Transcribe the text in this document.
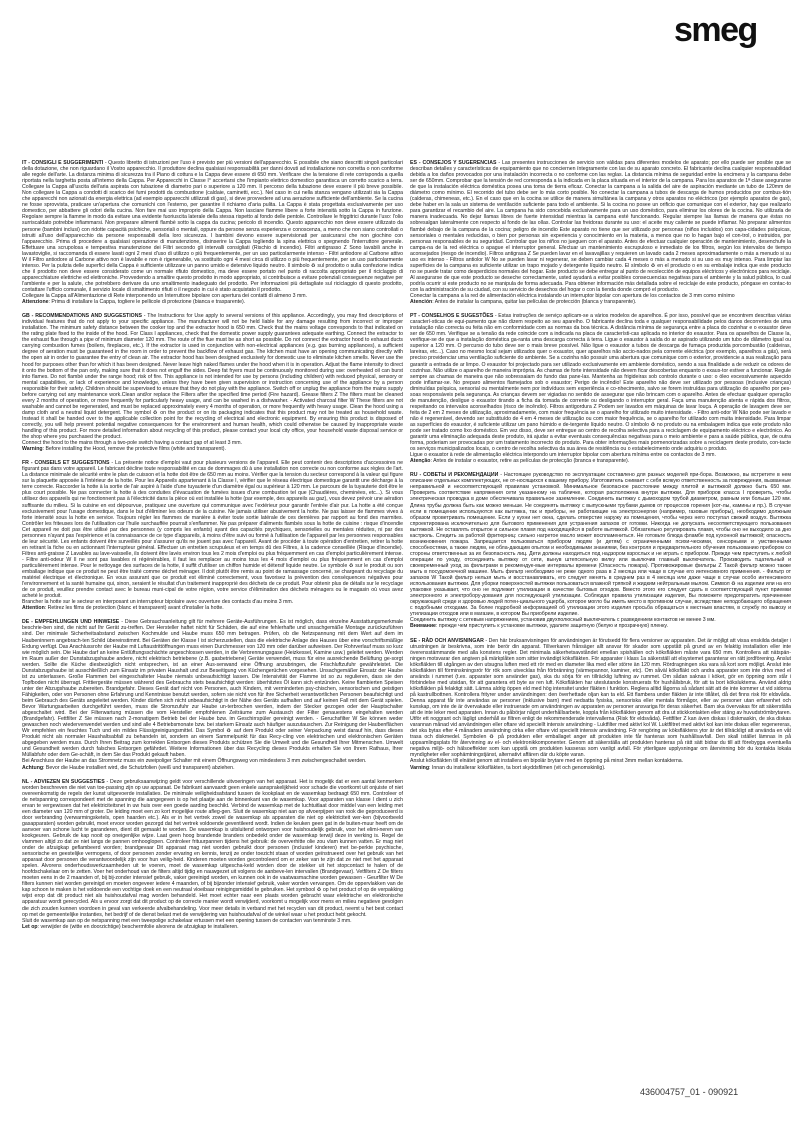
smeg
IT - CONSIGLI E SUGGERIMENTI - Questo libretto di istruzioni per l'uso è previsto per più versioni dell'apparecchio. È possibile che siano descritti singoli particolari della dotazione, che non riguardano il Vostro apparecchio. Il produttore declina qualsiasi responsabilità per danni dovuti ad installazione non corretta o non conforme alle regole dell'arte. La distanza minima di sicurezza tra il Piano di cottura e la Cappa deve essere di 650 mm. Verificare che la tensione di rete corrisponda a quella riportata nella targhetta posta all'interno della Cappa. Per Apparecchi in Classe I° accertarsi che l'impianto elettrico domestico garantisca un corretto scarico a terra. Collegare la Cappa all'uscita dell'aria aspirata con tubazione di diametro pari o superiore a 120 mm. Il percorso della tubazione deve essere il più breve possibile. Non collegare la Cappa a condotti di scarico dei fumi prodotti da combustione (caldaie, caminetti, ecc.). Nel caso in cui nella stanza vengano utilizzati sia la Cappa che apparecchi non azionati da energia elettrica (ad esempio apparecchi utilizzati di gas), si deve provvedere ad una aerazione sufficiente dell'ambiente. Se la cucina ne fosse sprovvista, praticare un'apertura che comunichi con l'esterno, per garantire il richiamo d'aria pulita. La Cappa è stata progettata esclusivamente per uso domestico, per abbattere gli odori della cucina. Non fare mai uso improprio della Cappa. Non lasciare fiamme libere a forte intensità sotto la Cappa in funzione. Regolare sempre la fiamme in modo da evitare una evidente fuoriuscita laterale della stessa rispetto al fondo delle pentole. Controllare le friggitrici durante l'uso: l'olio surriscaldato potrebbe infiammarsi. Non preparare alimenti flambè sotto la cappa da cucina; pericolo di incendio. Questo apparecchio non deve essere utilizzato da persone (bambini inclusi) con ridotte capacità psichiche, sensoriali o mentali, oppure da persone senza esperienza e conoscenza, a meno che non siano controllati o istruiti all'uso dell'apparecchio da persone responsabili della loro sicurezza. I bambini devono essere supervisionati per assicurarsi che non giochino con l'apparecchio. Prima di procedere a qualsiasi operazione di manutenzione, disinserire la Cappa togliendo la spina elettrica o spegnendo l'interruttore generale. Effettuare una scrupolosa e tempestiva manutenzione dei Filtri secondo gli intervalli consigliati (Rischio di incendio). Filtri antigrasso Z Sono lavabili anche in lavastoviglie, si raccomanda di essere lavati ogni 2 mesi d'uso di utilizzo o più frequentemente, per un uso particolarmente intenso - Filtri antiodore al Carbone attivo W il Filtro antiodore al Carbone attivo non è lavabile e non è rigenerabile, va sostituito ogni 4 mesi circa di utilizzo o più frequentemente, per un uso particolarmente intenso. Per la pulizia delle superfici della Cappa è sufficiente utilizzare un panno umido e detersivo liquido neutro. Il simbolo ♻ sul prodotto o sulla confezione indica che il prodotto non deve essere considerato come un normale rifiuto domestico, ma deve essere portato nel punto di raccolta appropriato per il riciclaggio di apparecchiature elettriche ed elettroniche. Provvedendo a smaltire questo prodotto in modo appropriato, si contribuisce a evitare potenziali conseguenze negative per l'ambiente e per la salute, che potrebbero derivare da uno smaltimento inadeguato del prodotto. Per informazioni più dettagliate sul riciclaggio di questo prodotto, contattare l'ufficio comunale, il servizio locale di smaltimento rifiuti o il negozio in cui è stato acquistato il prodotto.
Collegare la Cappa all'Alimentazione di Rete interponendo un Interruttore bipolare con apertura dei contatti di almeno 3 mm.
Attenzione: Prima di installare la Cappa, togliere le pellicole di protezione (bianca e trasparente).
GB - RECOMMENDATIONS AND SUGGESTIONS - The Instructions for Use apply to several versions of this appliance. Accordingly, you may find descriptions of individual features that do not apply to your specific appliance. The manufacturer will not be held liable for any damage resulting from incorrect or improper installation. The minimum safety distance between the cooker top and the extractor hood is 650 mm. Check that the mains voltage corresponds to that indicated on the rating plate fixed to the inside of the hood. For Class I appliances, check that the domestic power supply guarantees adequate earthing. Connect the extractor to the exhaust flue through a pipe of minimum diameter 120 mm. The route of the flue must be as short as possible. Do not connect the extractor hood to exhaust ducts carrying combustion fumes (boilers, fireplaces, etc.). If the extractor is used in conjunction with non-electrical appliances (e.g. gas burning appliances), a sufficient degree of aeration must be guaranteed in the room in order to prevent the backflow of exhaust gas. The kitchen must have an opening communicating directly with the open air in order to guarantee the entry of clean air. The extractor hood has been designed exclusively for domestic use to eliminate kitchen smells. Never use the hood for purposes other than for which it has been designed. Never leave high naked flames under the hood when it is in operation. Adjust the flame intensity to direct it onto the bottom of the pan only, making sure that it does not engulf the sides. Deep fat fryers must be continuously monitored during use: overheated oil can burst into flames. Do not flambè under the range hood; risk of fire. This appliance is not intended for use by persons (including children) with reduced physical, sensory or mental capabilities, or lack of experience and knowledge, unless they have been given supervision or instruction concerning use of the appliance by a person responsible for their safety. Children should be supervised to ensure that they do not play with the appliance. Switch off or unplug the appliance from the mains supply before carrying out any maintenance work.Clean and/or replace the Filters after the specified time period (Fire hazard). Grease filters Z The filters must be cleaned every 2 months of operation, or more frequently for particularly heavy usage, and can be washed in a dishwasher. - Activated charcoal filter W These filters are not washable and cannot be regenerated, and must be replaced approximately every 4 months of operation, or more frequently with heavy usage. Clean the hood using a damp cloth and a neutral liquid detergent. The symbol ♻ on the product or on its packaging indicates that this product may not be treated as household waste. Instead it shall be handed over to the applicable collection point for the recycling of electrical and electronic equipment. By ensuring this product is disposed of correctly, you will help prevent potential negative consequences for the environment and human health, which could otherwise be caused by inappropriate waste handling of this product. For more detailed information about recycling of this product, please contact your local city office, your household waste disposal service or the shop where you purchased the product.
Connect the hood to the mains through a two-pole switch having a contact gap of at least 3 mm.
Warning: Before installing the Hood, remove the protective films (white and transparent).
FR - CONSEILS ET SUGGESTIONS - La présente notice d'emploi vaut pour plusieurs versions de l'appareil. Elle peut contenir des descriptions d'accessoires ne figurant pas dans votre appareil. Le fabricant décline toute responsabilité en cas de dommages dû à une installation non correcte ou non conforme aux règles de l'art. La distance minimale de sécurité entre le plan de cuisson et la hotte doit être de 650 mm au moins. Vérifier que la tension du secteur correspond à la valeur qui figure sur la plaquette apposée à l'intérieur de la hotte. Pour les Appareils appartenant à la Classe I, vérifier que le réseau électrique domestique garantit une décharge à la terre correcte. Raccorder la hotte à la sortie de l'air aspiré à l'aide d'une tuyauterie d'un diamètre égal ou supérieur à 120 mm. Le parcours de la tuyauterie doit être le plus court possible. Ne pas connecter la hotte à des conduites d'évacuation de fumées issues d'une combustion tel que (Chaudières, cheminées, etc...). Si vous utilisez des appareils qui ne fonctionnent pas à l'électricité dans la pièce où est installée la hotte (par exemple, des appareils au gaz), vous devez prévoir une aération suffisante du milieu. Si la cuisine en est dépourvue, pratiquez une ouverture qui communique avec l'extérieur pour garantir l'entrée d'air pur. La hotte a été conçue exclusivement pour l'usage domestique, dans le but d'éliminer les odeurs de la cuisine. Ne jamais utiliser abusivement la hotte. Ne pas laisser de flammes vives à forte intensité sous la hotte en service. Toujours régler les flammes de manière à éviter toute sortie latérale de ces dernières par rapport au fond des marmites. Contrôler les friteuses lors de l'utilisation car l'huile surchauffée pourrait s'enflammer. Ne pas préparer d'aliments flambés sous la hotte de cuisine : risque d'incendie Cet appareil ne doit pas être utilisé par des personnes (y compris les enfants) ayant des capacités psychiques, sensorielles ou mentales réduites, ni par des personnes n'ayant pas l'expérience et la connaissance de ce type d'appareils, à moins d'être suivi ou formé à l'utilisation de l'appareil par les personnes responsables de leur sécurité. Les enfants doivent être surveillés pour s'assurer qu'ils ne jouent pas avec l'appareil. Avant de procéder à toute opération d'entretien, retirer la hotte en retirant la fiche ou en actionnant l'interrupteur général. Effectuer un entretien scrupuleux et en temps dû des Filtres, à la cadence conseillée (Risque d'incendie). Filtres anti-graisse Z Lavables au lave-vaisselle, ils doivent être lavés environ tous les 2 mois d'emploi ou plus fréquemment en cas d'emploi particulièrement intense. - Filtre anti-odeur W Il ne sont pas lavables ni régénérables, il faut les remplacer au moins tous les 4 mois d'emploi ou plus fréquemment en cas d'emploi particulièrement intense. Pour le nettoyage des surfaces de la hotte, il suffit d'utiliser un chiffon humide et détersif liquide neutre. Le symbole ♻ sur le produit ou son emballage indique que ce produit ne peut être traité comme déchet ménager. Il doit plutôt être remis au point de ramassage concerné, se chargeant du recyclage du matériel électrique et électronique. En vous assurant que ce produit est éliminé correctement, vous favorisez la prévention des conséquences négatives pour l'environnement et la santé humaine qui, sinon, seraient le résultat d'un traitement inapproprié des déchets de ce produit. Pour obtenir plus de détails sur le recyclage de ce produit, veuillez prendre contact avec le bureau muni-cipal de votre région, votre service d'élimination des déchets ménagers ou le magasin où vous avez acheté le produit.
Brancher la hotte sur le secteur en interposant un interrupteur bipolaire avec ouverture des contacts d'au moins 3 mm.
Attention: Retirez les films de protection (blanc et transparent) avant d'installer la hotte.
DE - EMPFEHLUNGEN UND HINWEISE - Diese Gebrauchsanleitung gilt für mehrere Geräte-Ausführungen. Es ist möglich, dass einzelne Ausstattungsmerkmale beschrie-ben sind, die nicht auf Ihr Gerät zu-treffen. Der Hersteller haftet nicht für Schäden, die auf eine fehlerhafte und unsachgemäße Montage zurückzuführen sind. Der minimale Sicherheitsabstand zwischen Kochmulde und Haube muss 650 mm betragen. Prüfen, ob die Netzspannung mit dem Wert auf dem im Haubeninnern angebrach-ten Schild übereinstimmt. Bei Geräten der Klasse I ist sicherzustellen, dass die elektrische Anlage des Hauses über eine vorschriftsmäßige Erdung verfügt. Das Anschlussrohr der Haube mit Luftaustrittöffnungen muss einen Durchmesser von 120 mm oder darüber aufweisen. Der Rohrverlauf muss so kurz wie möglich sein. Die Haube darf an keine Entlüftungsschächte angeschlossen werden, in die Verbrennungsgase (Heizkessel, Kamine usw.) geleitet werden. Werden im Raum außer der Dunstabzugshaube andere, nicht elektrisch betriebene (z.B. gasbetriebene) Geräte verwendet, muss für eine ausreichende Belüftung ge-sorgt werden. Sollte die Küche diesbezüglich nicht entsprechen, ist an einer Aus-senwand eine Öffnung anzubringen, die Frischluftzufuhr gewährleistet. Die Dunstabzugshaube ist ausschließlich zum Einsatz im privaten Haushalt und zur Beseitigung von Küchengerüchen vorgesehen. Unsachgemäßer Einsatz der Haube ist zu unterlassen. Große Flammen bei eingeschalteter Haube niemals unbeaufsichtigt lassen. Die Intensivität der Flamme ist so zu regulieren, dass sie den Topfboden nicht überragt. Frittiergeräte müssen während des Gebrauchs stets beaufsichtigt werden: überhitztes Öl kann sich entzünden. Keine flambierten Speisen unter der Abzugshaube zubereiten. Brandgefahr. Dieses Gerät darf nicht von Personen, auch Kindern, mit verminderten psy-chischen, sensorischen und geistigen Fähigkeiten, oder von Personen ohne Erfahrung und Kenntnisse benutzt werden, sofern sie nicht von für ihre Sicherheit verantwortlichen Personen beaufsichtigt und beim Gebrauch des Geräts angeleitet werden. Kinder dürfen sich nicht unbeaufsichtigt in der Nähe des Geräts aufhalten und auf keinen Fall mit dem Gerät spielen. Bevor Wartungsarbeiten durchgeführt werden, muss die Stromzufuhr zur Haube un-terbrochen werden, indem der Stecker gezogen oder der Hauptschalter abgeschaltet wird. Bei der Filterwartung müssen die vom Hersteller empfohlenen Zeiträume zum Austausch der Filter genauestens eingehalten werden (Brandgefahr). Fettfilter Z Sie müssen nach 2-monatigem Betrieb bei der Haube bzw. im Geschirrspüler gereinigt werden. - Geruchsfilter W Sie können weder gewaschen noch wiederverwendet werden und sind alle 4 Betriebsmonate bzw. bei starkem Einsatz auch häufiger auszutauschen. Zur Reinigung der Haubenflächen Wir empfehlen ein feuchtes Tuch und ein mildes Flüssigreinigungsmittel. Das Symbol ♻ auf dem Produkt oder seiner Verpackung weist darauf hin, dass dieses Produkt nicht als normaler Haushaltsabfall zu behandeln ist, sondern an einem Sammelpunkt für das Recy-cling von elektrischen und elektronischen Geräten abgegeben werden muss. Durch Ihren Beitrag zum korrekten Entsorgen dieses Produkts schützen Sie die Umwelt und die Gesundheit Ihrer Mitmenschen. Umwelt und Gesundheit werden durch falsches Entsorgen gefährdet. Weitere Informationen über das Recycling dieses Produkts erhalten Sie von Ihrem Rathaus, Ihrer Müllabfuhr oder dem Ge-schäft, in dem Sie das Produkt gekauft haben.
Bei Anschluss der Haube an das Stromnetz muss ein zweipoliger Schalter mit einem Öffnungsweg von mindestens 3 mm zwischengeschaltet werden.
Achtung: Bevor die Haube installiert wird, die Schutzfolien (weiß und transparent) abziehen.
NL - ADVIEZEN EN SUGGESTIES - Deze gebruiksaanwijzing geldt voor verschillende uitvoeringen van het apparaat. Het is mogelijk dat er een aantal kenmerken worden beschreven die niet van toe-passing zijn op uw apparaat. De fabrikant aanvaardt geen enkele aansprakelijkheid voor schade die voortkomt uit onjuiste of niet overeenkomstig de regels der kunst uitgevoerde installaties. De minimale veiligheidsafstand tussen de kookplaat en de wasemkap bedraagt 650 mm. Controleer of de netspanning correspondeert met de spanning die aangegeven is op het plaatje aan de binnenkant van de wasemkap. Voor apparaten van klasse I dient u zich ervan te vergewissen dat het elektriciteitsnet in uw huis over een goede aarding beschikt. Verbind de wasemkap met de luchtuitlaat door middel van een leiding met een diameter van 120 mm of groter. De leiding moet een zo kort mogelijke route afleg-gen. Sluit de wasemkap niet aan op afvoerpijpen van rook die geproduceerd is door verbranding (verwarmingsketels, open haarden etc.). Als er in het vertrek zowel de wasemkap als apparaten die niet op elektriciteit wer-ken (bijvoorbeeld gasapparaten) worden gebruikt, moet ervoor worden gezorgd dat het vertrek voldoende geventileerd wordt. Indien de keuken geen gat in de buiten-muur heeft om de aanvoer van schone lucht te garanderen, dient dit gemaakt te worden. De wasemkap is uitsluitend ontworpen voor huishoudelijk gebruik, voor het elimi-neren van kookgeuren. Gebruik de kap nooit op oneigenlijke wijze. Laat geen hoog brandende branders onbedekt onder de wasemkap terwijl deze in werking is. Regel de vlammen altijd zo dat ze niet langs de pannen omhooglopen. Controleer frituurpannen tijdens het gebruik: de oververhitte olie zou vlam kunnen vatten. Er mag niet onder de afzuigkap geflambeerd worden; brandgevaar Dit apparaat mag niet worden gebruikt door personen (inclusief kinderen) met be-perkte psychische, sensorische en geestelijke vermogens, of door personen zonder ervaring en kennis, tenzij ze onder toezicht staan of worden geïnstrueerd over het gebruik van het apparaat door personen die verantwoordelijk zijn voor hun veilig-heid. Kinderen moeten worden gecontroleerd om er zeker van te zijn dat ze niet met het apparaat spelen. Alvorens onderhoudswerkzaamheden uit te voeren, moet de wasemkap uitgescha-keld worden door de stekker uit het stopcontact te halen of de hoofdschakelaar om te zetten. Voer het onderhoud van de filters altijd tijdig en nauwgezet uit volgens de aanbeve-len intervallen (Brandgevaar). Vetfilters Z De filters moeten eens in de 2 maanden of, bij bij-zonder intensief gebruik, vaker gereinigd worden, en kunnen ook in de vaatwasmachine worden gewassen - Geurfilter W De filters kunnen niet worden gereinigd en moeten ongeveer iedere 4 maanden, of bij bijzonder intensief gebruik, vaker worden vervangen. Om de oppervlakken van de kap schoon te maken is het voldoende een vochtige doek en een neutraal vloeibaar reinigingsmiddel te gebruiken. Het symbool ♻ op het product of op de verpakking wijst erop dat dit product niet als huishoudafval mag worden behandeld. Het moet echter naar een plaats worden gebracht waar elektrische en elektronische apparatuur wordt gerecycled. Als u ervoor zorgt dat dit product op de correcte manier wordt verwijderd, voorkomt u mogelijk voor mens en milieu negatieve gevolgen die zich zouden kunnen voordoen in geval van verkeerde afvalbehandeling. Voor meer details in verband met het recyclen van dit product, neemt u het best contact op met de gemeentelijke instanties, het bedrijf of de dienst belast met de verwijdering van huishoudafval of de winkel waar u het product hebt gekocht.
Sluit de wasemkap aan op de netspanning met een tweepolige schakelaar ertussen met een opening tussen de contacten van tenminste 3 mm.
Let op: verwijder de (witte en doorzichtige) beschermfolie alvorens de afzuigkap te installeren.
ES - CONSEJOS Y SUGERENCIAS - Las presentes instrucciones de servicio son válidas para diferentes modelos de aparato; por ello puede ser posible que se describan detalles y características de equipamiento que no conciernen íntegramente con las de su aparato concreto. El fabricante declina cualquier responsabilidad debida a los daños provocados por una instalación incorrecta o no conforme con las reglas. La distancia mínima de seguridad entre la encimera y la campana debe ser de 650mm. Comprobar que la tensión de red corresponda a la indicada en la placa situada en el interior de la campana. Para los aparatos de 1ª clase asegurarse de que la instalación eléctrica doméstica posea una toma de tierra eficaz. Conectar la campana a la salida del aire de aspiración mediante un tubo de 120mm de diámetro como mínimo. El recorrido del tubo debe ser lo más corto posible. No conectar la campana a tubos de descarga de humos producidos por combus-tión (calderas, chimeneas, etc.). En el caso que en la cocina se utilice de manera simultánea la campana y otros aparatos no eléctricos (por ejemplo aparatos de gas), debe haber en la sala un sistema de ventilación suficiente para todo el ambiente. Si la cocina no posee un orificio que comunique con el exterior, hay que realizarlo para garantizar el recambio del aire. La campana ha sido concebida exclusivamente para un uso doméstico, para eliminar los olores de la cocina. No utilizarla de manera inadecuada. No dejar llamas libres de fuerte intensidad mientras la campana esté funcionando. Regular siempre las llamas de manera que éstas no sobresalgan lateralmente con respecto al fondo de las ollas. Controlar las freidoras durante su uso: el aceite muy caliente se puede inflamar. No preparar alimentos flambé debajo de la campana de la cocina; peligro de incendio Este aparato no tiene que ser utilizado por personas (niños incluidos) con capa-cidades psíquicas, sensoriales o mentales reducidas, o bien por personas sin experiencia y conocimiento en la materia, a menos que no lo hagan bajo el con-trol, o instruidos, por personas responsables de su seguridad. Controlar que los niños no jueguen con el aparato. Antes de efectuar cualquier operación de mantenimiento, desenchufe la campa-na de la red eléctrica o apague el interruptor general. Efectuar un mantenimiento escrupuloso e inmediato de los filtros, según los intervalos de tiempo aconsejados (riesgo de incendio). Filtros antigrasa Z Se pueden lavar en el lavavajillas y requieren un lavado cada 2 meses aproximadamente o más a menudo si su uso es intenso - Filtros antiolor W No se pueden lavar ni regenerar, se deben cambiar cada 4 meses o más a menudo si su uso es muy intenso. Para limpiar las superficies de la campana es suficiente utilizar un trapo mojado y detergente líquido neutro. El símbolo ♻ en el producto o en su embalaje indica que este producto no se puede tratar como desperdicios normales del hogar. Este producto se debe entregar al punto de recolección de equipos eléctricos y electrónicos para reciclaje. Al asegurarse de que este producto se deseche correctamente, usted ayudará a evitar posibles consecuencias negativas para el ambiente y la salud pública, lo cual podría ocurrir si este producto no se manipula de forma adecuada. Para obtener información más detallada sobre el reciclaje de este producto, póngase en contac-to con la administración de su ciudad, con su servicio de desechos del hogar o con la tienda donde compró el producto.
Conectar la campana a la red de alimentación eléctrica instalando un interruptor bipolar con apertura de los contactos de 3 mm como mínimo
Atención: Antes de instalar la campana, quitar las películas de protección (blanca y transparente).
PT - CONSELHOS E SUGESTÕES - Estas instruções de serviço aplicam-se a vários modelos de aparelhos. É por isso, possível que se encontrem descritas várias caracterí-sticas de equi-pamento que não dizem respeito ao seu aparelho. O fabricante declina toda e qualquer responsabilidade pelos danos decorrentes de uma instalação não correcta ou feita não em conformidade com as normas da boa técnica. A distância mínima de segurança entre a placa do cozinhar e o exaustor deve ser de 650 mm. Verifique se a tensão da rede coincide com a indicada na placa de característi-cas aplicada no interior do exaustor. Para os aparelhos de Classe Ia, verifique-se de que a instalação doméstica ga-ranta uma descarga correcta à terra. Ligue o exaustor à saída do ar aspirado utilizando um tubo de diâmetro igual ou superior a 120 mm. O percurso do tubo deve ser o mais breve possível. Não ligue o exaustor a tubos de descarga de fumaça produzida porcombustão (caldeiras, lareiras, etc...). Caso no mesmo local sejam utilizados quer o exaustor, quer aparelhos não accio-nados pela corrente eléctrica (por exemplo, aparelhos a gás), será preciso providenciar uma ventilação suficiente do ambiente. Se a cozinha não possuir uma abertura que comunique com o exterior, providencie a sua realização para garantir a entrada de ar limpo. O exaustor foi projectado para ser utilizado exclusivamente em ambiente doméstico, sendo a sua finalidade a de reduzir os odores de cozinhas. Não utilize o aparelho de maneira imprópria. As chamas de forte intensidade não devem ficar descobertas enquanto o exaus-tor estiver a funcionar. Regule sempre as chamas de maneira que não sobressaiam do fundo das pane-las. Mantenha as frigideiras sob controlo durante o uso: o óleo excessivamente aquecido pode inflamar-se. No preparo alimentos flamejados sob o exaustor; Perigo de incêndio! Este aparelho não deve ser utilizado por pessoas (inclusive crianças) diminuídas psíquica, sensorial ou mentalmente nem por indivíduos sem experiência e co-nhecimento, salvo se forem instruídas para utilização do aparelho por pes-soas responsáveis pela segurança. As crianças devem ser vigiadas no sentido de assegurar que não brincam com o aparelho. Antes de efectuar qualquer operação de manutenção, desligue o exaustor tirando a ficha da tomada de corrente ou desligando o interruptor geral. Faça uma manutenção atenta e rápida dos filtros, respeitando os intervalos aconselhados (risco de incêndio). Filtros antigordura Z Podem ser lavados em máquinas de lavar louça. A operação de lavagem deve ser feita de 2 em 2 meses de utilização, aproximadamente, com maior frequência se o aparelho for utilizado muito intensidade. - Filtro anti-odor W Não pode ser lavado e não é regenerável, devendo ser substituído de 4 em 4 meses de utilização ou com maior frequência, se o aparelho for utilizado com muita intensidade. Para limpar as superfícies do exaustor, é suficiente utilizar um pano húmido e de-tergente líquido neutro. O símbolo ♻ no produto ou na embalagem indica que este produto não pode ser tratado como lixo doméstico. Em vez disso, deve ser entregue ao centro de recolha selectiva para a reciclagem de equipamento eléctrico e electrónico. Ao garantir uma eliminação adequada deste produto, irá ajudar a evitar eventuais consequências negativas para o meio ambiente e para a saúde pública, que, de outra forma, poderiam ser provocadas por um tratamento incorrecto do produto. Para obter informações mais pormenorizadas sobre a reciclagem deste produto, con-tacte os serviços municipalizados locais, o centro de recolha selectiva da sua área de residência ou o estabelecimento onde adquiriu o produto.
Ligue o exaustor à rede de alimentação eléctrica interpondo um interruptor bipolar com abertura mínima entre os contactos de 3 mm.
Atenção: Antes de instalar o exaustor, retire as películas de protecção (branca e transparente).
RU - СОВЕТЫ И РЕКОМЕНДАЦИИ - Настоящее руководство по эксплуатации составлено для разных моделей при-бора. Возможно, вы встретите в нем описание отдельных комплектующих, не от-носящихся к вашему прибору. Изготовитель снимает с себя всякую ответственность за повреждения, вызванные неправильной и несоответствующей правилам установкой. Минимальное безопасное расстояние между плитой и вытяжкой должно быть 650 мм. Проверить соответствие напряжения сети указанному на табличке, которая расположена внутри вытяжки. Для приборов класса I проверить, чтобы электрическая проводка в доме обеспечивала правильное заземление. Соединить вытяжку с дымоходом трубой диаметром, равным или больше 120 мм. Длина трубы должна быть как можно меньше. Не соединять вытяжку с выпускными трубами дымов от процессов горения (кот-лы, камины и пр.). В случае если в помещении используются как вытяжка, так и приборы, не работающие на электроэнергии (например, газовые приборы), необходимо должным образом проветривать помещение. Если у кухни нет окна, сделать отверстие наружу из помещения, чтобы через него поступал свежий воздух. Вытяжка спроектирована исключительно для бытового применения для устранения запахов от готовки. Никогда не допускать несоответствующего пользования вытяжкой. Не оставлять открытое и сильное пламя под находящейся в работе вытяжкой. Обязательно регулировать пламя, чтобы оно не выходило за дно кастрюль. Следить за работой фритюрниц: сильно нагретое масло может воспламениться. Не готовьте блюда фламбе под кухонной вытяжкой; опасность возникновения пожара. Запрещается пользоваться прибором людям (и детям) с ограниченными психи-ческими, сенсорными и умственными способностями, а также людям, не обла-дающим опытом и необходимыми знаниями, без контроля и предварительного обучения пользованию прибором со стороны ответственных за их безопасность лиц. Дети должны находиться под надзором взрослых и не играть с прибором. Прежде чем приступить к любой операции по уходу, отсоединить вытяжку от сети, вынув штепсельную вилку или выключив главный выключатель. Производить тщательный и своевременный уход за фильтрами в рекомендуе-мые интервалы времени (Опасность пожара). Противожировые фильтры Z Такой фильтр можно также мыть в посудомоечной машине. Мыть фильтр необходимо не реже одного раза в 2 месяца или чаще в случае его интенсивного применения. - Фильтр от запахов W Такой фильтр нельзя мыть и восстанавливать, его следует менять в среднем раз в 4 месяца или даже чаще в случае особо интенсивного использования вытяжки. Для уборки поверхностей вытяжки пользоваться влажной тряпкой и жидким нейтральным мылом. Символ ♻ на изделии или на его упаковке указывает, что оно не подлежит утилизации в качестве бытовых отходов. Вместо этого его следует сдать в соответствующий пункт приемки электронного и электробору-дования для последующей утилизации. Соблюдая правила утилизации изделия, Вы поможете предотвратить причинение окружающей среде и здоровью людей потен-циального ущерба, которое могло бы иметь место в противном случае, вследствие неподобающего обращения с подобными отходами. За более подробной информацией об утилизации этого изделия просьба обращаться к местным властям, в службу по вывозу и утилизации отходов или в магазин, в котором Вы приобрели изделие.
Соединить вытяжку с сетевым напряжением, установив двухполюсный выключатель с разведением контактов не менее 3 мм.
Внимание: прежде чем приступить к установке вытяжки, удалите защитную (белую и прозрачную) пленку.
SE - RÅD OCH ANVISNINGAR - Den här bruksanvisningen för användningen är förutsedd för flera versioner av apparaten. Det är möjligt att vissa enskilda detaljer i utrustningen är beskrivna, som inte berör din apparat. Tillverkaren frånsäger allt ansvar för skador som uppstått på grund av en felaktig installation eller inte överensstämmande med alla konstens regler. Det minimala säkerhetsavståndet emellan spishällen och köksfläkten måste vara 650 mm. Kontrollera att nätspän-ningen motsvarar den angiven på märkplåten som sitter invändigt köksfläkten. För apparater i klass 1a säkerställ att elsystemet garanterar en rätt jordförening. Anslut köksfläkten till utgången av den utsugna luften med ett rör med en diameter lika med eller större än 120 mm. Rördragningen ska vara så kort som möjligt. Anslut inte köksfläkten till förminskningsrör för rök som utvecklas från förbränning (värmepannor, kaminer, etc). Om såväl köksfläkt och andra apparater som inte drivs med el används i rummet (t.ex. apparater som använder gas), ska du sörja för en tillräcklig luftning av rummet. Om sådan saknas i köket, gör en öppning som står i förbindelse med utsidan, för att garantera ett byte av ren luft. Köksfläkten har uteslutande konstruerats för hushållsbruk, för att ta bort köksluktema. Använd aldrig köksfläkten på felaktigt sätt. Lämna aldrig öppen eld med hög intensitet under fläkten i funktion. Reglera alltid lågorna så sådant sätt att de inte kommer ut vid sidorna på kastrullbottnen. Kontrollera frityrer under användningen: den överhettade oljan kan ta eld. Ett flambera under fläkten är inte tillåtet, då det finns risk för eldsvåda. Denna apparat får inte användas av personer (inklusive barn) med nedsatta fysiska, sensoriska eller mentala förmågor, eller av personer utan erfarenhet och kunskap, om inte de är övervakade eller instruerade om användningen av apparaten av personer ansvariga för deras säkerhet. Barn ska övervakas för att säkerställa att de inte leker med apparaten. Innan du påbörjar något underhållsarbete, koppla från köksfläkten genom att dra ut stickkontakten eller stäng av huvudströmbrytaren. Utför ett noggrant och lägligt underhåll av filtren enligt de rekommenderade intervallerna (Risk för eldsvåda). Fettfilter Z kan även diskas i diskmaskin, de ska diskas varannan månad vid användningen eller oftare vid speciellt intensiv användning - Luktfilter med aktivt kol W. Luktfiltret med aktivt kol kan inte diskas eller regenereras, det ska bytas efter 4 månaders användning cirka eller oftare vid speciellt intensiv användning. För rengöring av köksfläktens ytor är det tillräckligt att använda en våt trasa och diskmedel. Symbolen ♻ på produkten eller emballaget anger att produkten inte får hanteras som hushållsavfall. Den skall istället lämnas in på uppsamlingsplats för återvinning av el- och elektronikkomponenter. Genom att säkerställa att produkten hanteras på rätt sätt bidrar du till att förebygga eventuella negativa miljö- och hälsoeffekter som kan uppstå om produkten kasseras som vanligt avfall. För ytterligare upplysningar om återvinning bör du kontakta lokala myndigheter eller sophämtningstjänst, alternativt affären där du köpte varan.
Anslut köksfläkten till elnätet genom att installera en bipolär brytare med en öppning på minst 3mm mellan kontakterna.
Varning: Innan du installerar köksfläkten, ta bort skyddsfilmen (vit och genomskinlig).
436004757_01 - 090921
